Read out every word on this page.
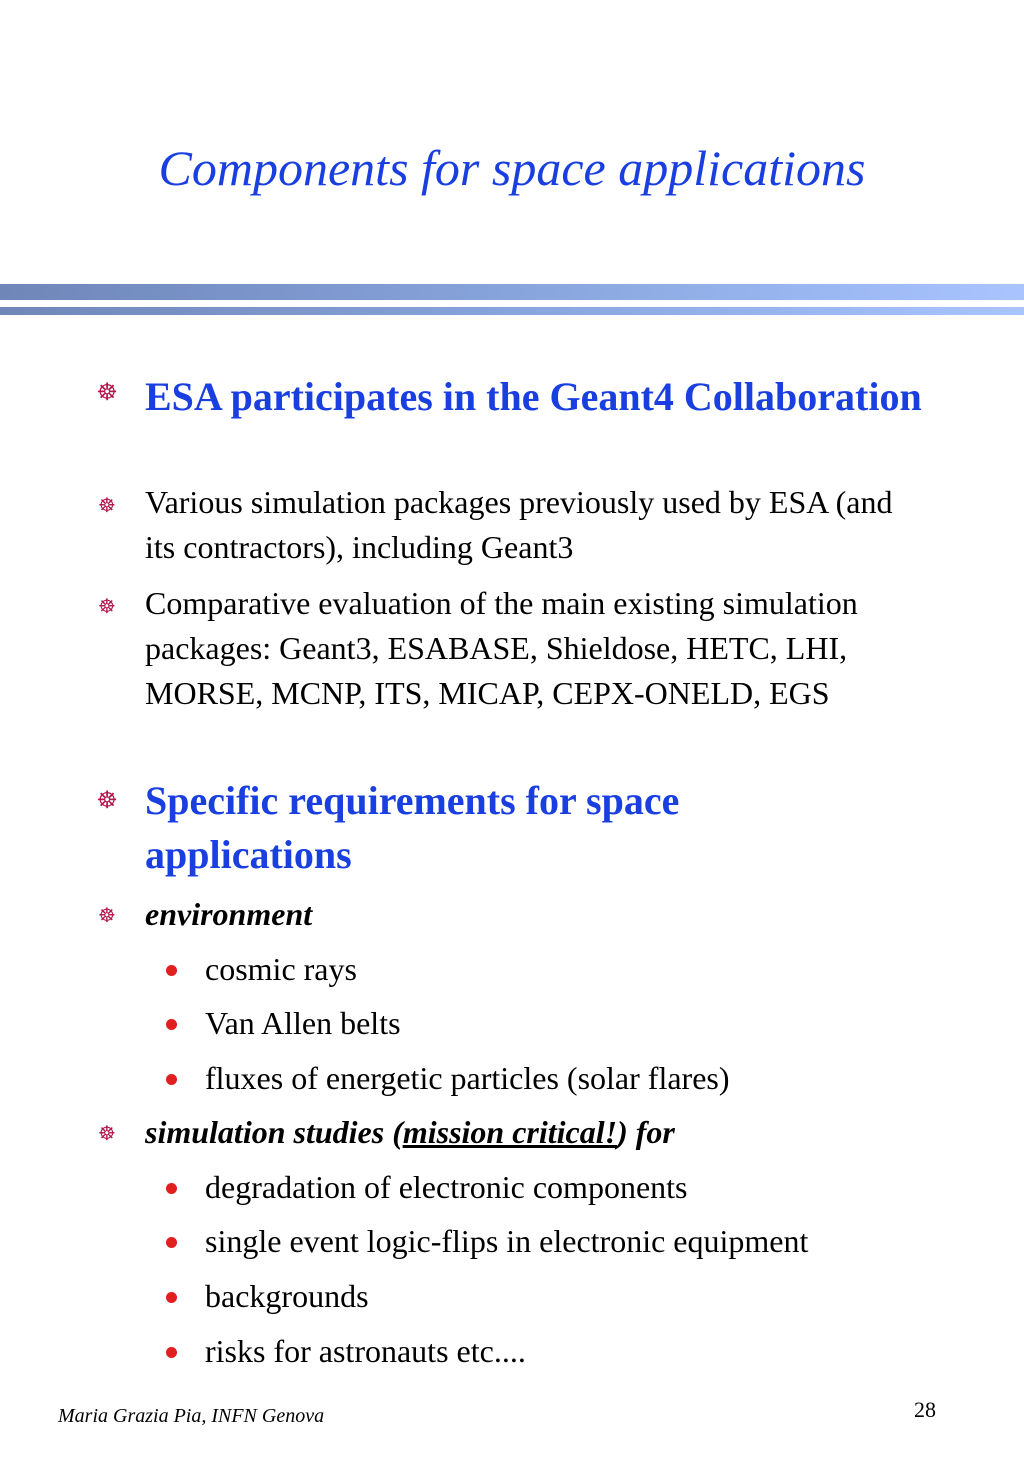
Components for space applications
☸ ESA participates in the Geant4 Collaboration
☸ Various simulation packages previously used by ESA (and its contractors), including Geant3
☸ Comparative evaluation of the main existing simulation packages: Geant3, ESABASE, Shieldose, HETC, LHI, MORSE, MCNP, ITS, MICAP, CEPX-ONELD, EGS
☸ Specific requirements for space applications
☸ environment
cosmic rays
Van Allen belts
fluxes of energetic particles (solar flares)
☸ simulation studies (mission critical!) for
degradation of electronic components
single event logic-flips in electronic equipment
backgrounds
risks for astronauts etc....
Maria Grazia Pia, INFN Genova	28
